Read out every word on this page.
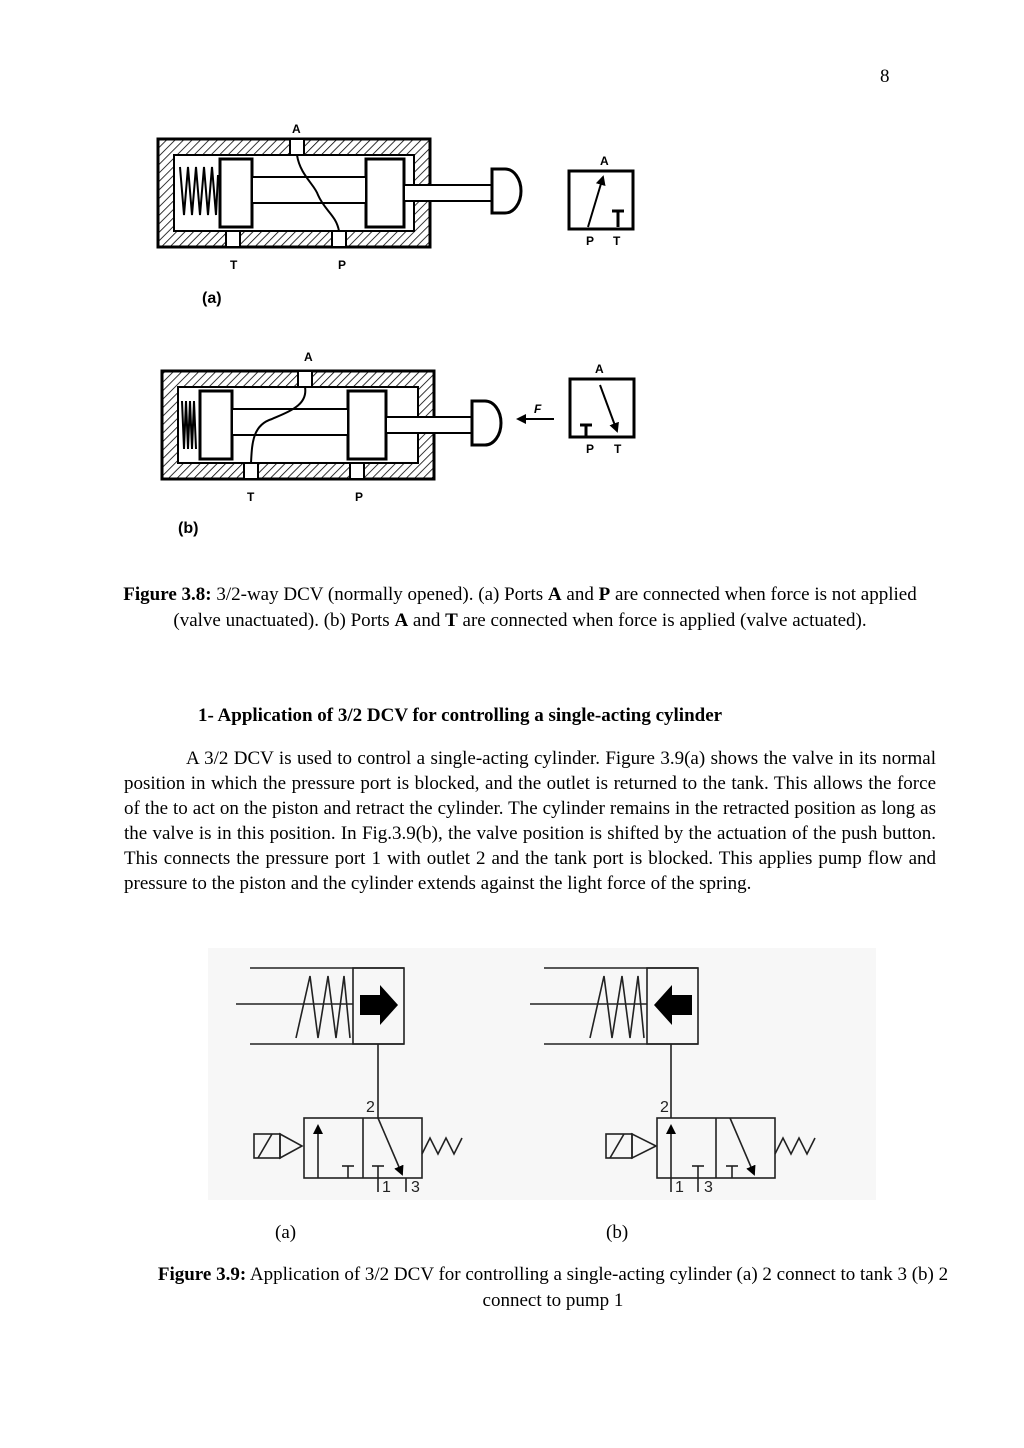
8
A
T	P
(a)
A
P T
F
A
T	P
(b)
A
P T
Figure 3.8: 3/2-way DCV (normally opened). (a) Ports A and P are connected when force is not applied (valve unactuated). (b) Ports A and T are connected when force is applied (valve actuated).
1- Application of 3/2 DCV for controlling a single-acting cylinder
A 3/2 DCV is used to control a single-acting cylinder. Figure 3.9(a) shows the valve in its normal position in which the pressure port is blocked, and the outlet is returned to the tank. This allows the force of the to act on the piston and retract the cylinder. The cylinder remains in the retracted position as long as the valve is in this position. In Fig.3.9(b), the valve position is shifted by the actuation of the push button. This connects the pressure port 1 with outlet 2 and the tank port is blocked. This applies pump flow and pressure to the piston and the cylinder extends against the light force of the spring.
2
1 3
2
1 3
(a)	(b)
Figure 3.9: Application of 3/2 DCV for controlling a single-acting cylinder (a) 2 connect to tank 3 (b) 2 connect to pump 1
